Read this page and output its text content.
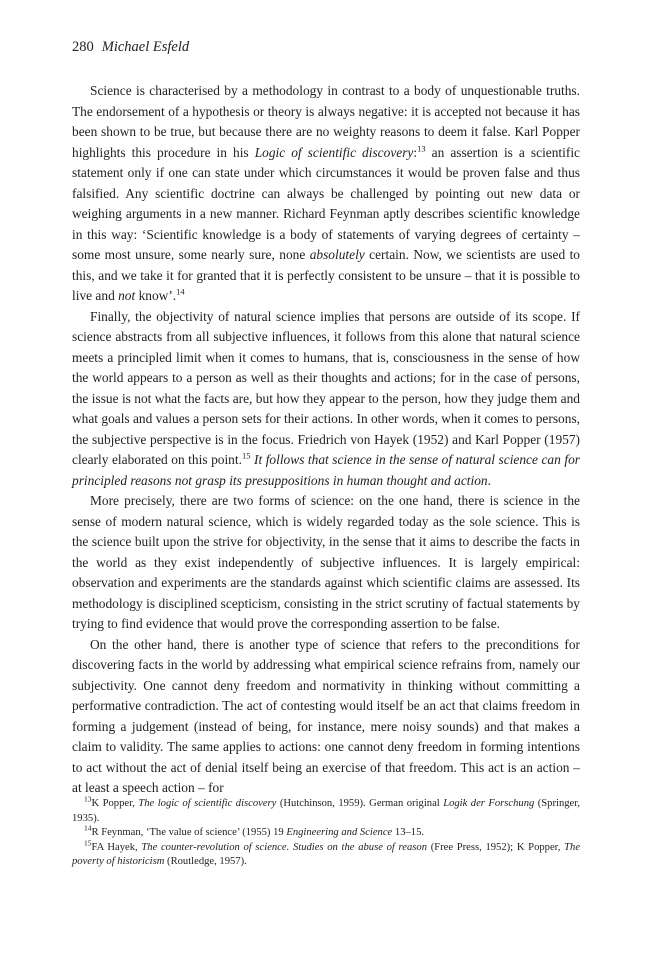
280 Michael Esfeld

Science is characterised by a methodology in contrast to a body of unquestionable truths. The endorsement of a hypothesis or theory is always negative: it is accepted not because it has been shown to be true, but because there are no weighty reasons to deem it false. Karl Popper highlights this procedure in his Logic of scientific discovery:$^{13}$ an assertion is a scientific statement only if one can state under which circumstances it would be proven false and thus falsified. Any scientific doctrine can always be challenged by pointing out new data or weighing arguments in a new manner. Richard Feynman aptly describes scientific knowledge in this way: ‘Scientific knowledge is a body of statements of varying degrees of certainty – some most unsure, some nearly sure, none absolutely certain. Now, we scientists are used to this, and we take it for granted that it is perfectly consistent to be unsure – that it is possible to live and not know’.$^{14}$

Finally, the objectivity of natural science implies that persons are outside of its scope. If science abstracts from all subjective influences, it follows from this alone that natural science meets a principled limit when it comes to humans, that is, consciousness in the sense of how the world appears to a person as well as their thoughts and actions; for in the case of persons, the issue is not what the facts are, but how they appear to the person, how they judge them and what goals and values a person sets for their actions. In other words, when it comes to persons, the subjective perspective is in the focus. Friedrich von Hayek (1952) and Karl Popper (1957) clearly elaborated on this point.$^{15}$ It follows that science in the sense of natural science can for principled reasons not grasp its presuppositions in human thought and action.

More precisely, there are two forms of science: on the one hand, there is science in the sense of modern natural science, which is widely regarded today as the sole science. This is the science built upon the strive for objectivity, in the sense that it aims to describe the facts in the world as they exist independently of subjective influences. It is largely empirical: observation and experiments are the standards against which scientific claims are assessed. Its methodology is disciplined scepticism, consisting in the strict scrutiny of factual statements by trying to find evidence that would prove the corresponding assertion to be false.

On the other hand, there is another type of science that refers to the preconditions for discovering facts in the world by addressing what empirical science refrains from, namely our subjectivity. One cannot deny freedom and normativity in thinking without committing a performative contradiction. The act of contesting would itself be an act that claims freedom in forming a judgement (instead of being, for instance, mere noisy sounds) and that makes a claim to validity. The same applies to actions: one cannot deny freedom in forming intentions to act without the act of denial itself being an exercise of that freedom. This act is an action – at least a speech action – for

$^{13}$K Popper, The logic of scientific discovery (Hutchinson, 1959). German original Logik der Forschung (Springer, 1935).

$^{14}$R Feynman, ‘The value of science’ (1955) 19 Engineering and Science 13–15.

$^{15}$FA Hayek, The counter-revolution of science. Studies on the abuse of reason (Free Press, 1952); K Popper, The poverty of historicism (Routledge, 1957).
